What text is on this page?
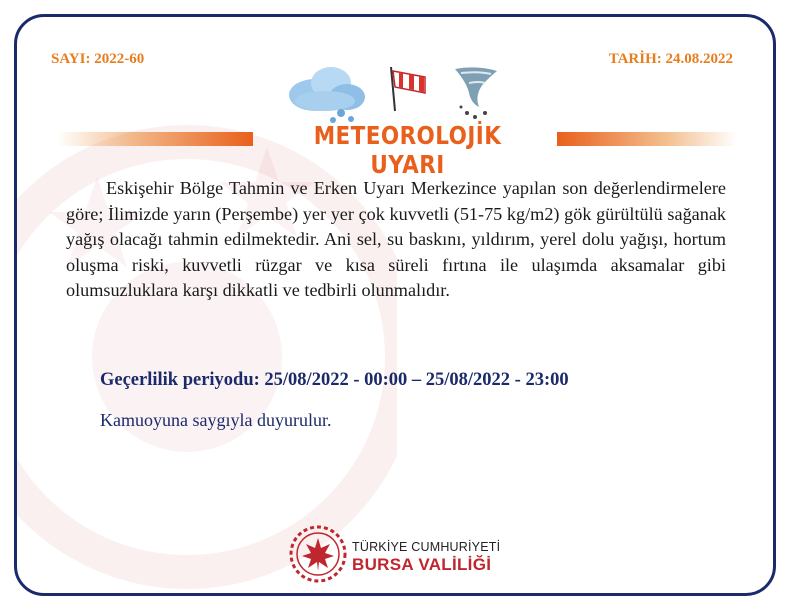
SAYI: 2022-60	TARİH: 24.08.2022
METEOROLOJİK UYARI
Eskişehir Bölge Tahmin ve Erken Uyarı Merkezince yapılan son değerlendirmelere göre; İlimizde yarın (Perşembe) yer yer çok kuvvetli (51-75 kg/m2) gök gürültülü sağanak yağış olacağı tahmin edilmektedir. Ani sel, su baskını, yıldırım, yerel dolu yağışı, hortum oluşma riski, kuvvetli rüzgar ve kısa süreli fırtına ile ulaşımda aksamalar gibi olumsuzluklara karşı dikkatli ve tedbirli olunmalıdır.
Geçerlilik periyodu: 25/08/2022 - 00:00 – 25/08/2022 - 23:00
Kamuoyuna saygıyla duyurulur.
TÜRKİYE CUMHURİYETİ
BURSA VALİLİĞİ
